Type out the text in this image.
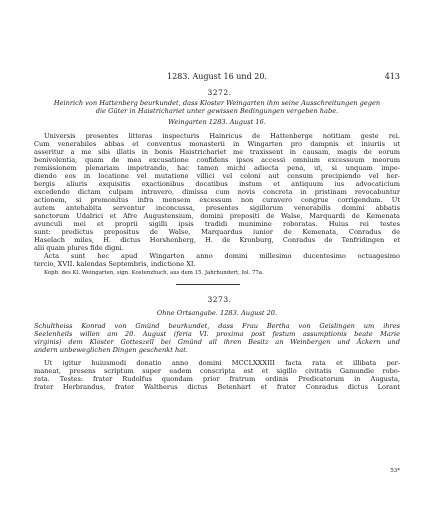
1283. August 16 und 20.	413
3272.
Heinrich von Hattenberg beurkundet, dass Kloster Weingarten ihm seine Ausschreitungen gegen
die Güter in Haistrichariet unter gewissen Bedingungen vergeben habe.
Weingarten 1283. August 16.
Universis presentes litteras inspecturis Hainricus de Hattenberge notitiam geste rei.
Cum venerabiles abbas et conventus monasterii in Wingarten pro dampnis et iniuriis ut
asseritur a me sibi illatis in bonis Haistrichariet me traxissent in causam, magis de eorum
benivolentia, quam de mea excusatione confidens ipsos accessi omnium excessuum meorum
remissionem plenariam impetrando, hac tamen michi adiecta pena, ut, si unquam impe-
diendo eos in locatione vel mutatione villici vel coloni aut censum precipiendo vel her-
bergis aliuris exquisitis exactionibus docatibus instum et antiquum ius advocaticium
excedendo dictam culpam intravero, dimissa cum novis concreta in pristinam revocabuntur
actionem, si premonitus infra mensem excessum non curavero congrue corrigendum. Ut
autem antehabita serventur inconcussa, presentes sigillorum venerabilis domini abbatis
sanctorum Udalrici et Afre Augustensium, domini prepositi de Walse, Marquardi de Kemenata
avunculi mei et proprii sigilli ipsis tradidi munimine roboratas. Huius rei testes
sunt: predictus prepositus de Walse, Marquardus iunior de Kemenata, Conradus de
Haselach miles, H. dictus Horshenberg, H. de Kronburg, Conradus de Tenfridingen et
alii quam plures fide digni.
Acta sunt hec apud Wingarten anno domini millesimo ducentesimo octuagesimo
tercio, XVII. kalendas Septembris, indictione XI.
Kopb. des Kl. Weingarten, sign. Kostenzbuch, aus dem 15. Jahrhundert, fol. 77a.
3273.
Ohne Ortsangabe. 1283. August 20.
Schultheiss Konrad von Gmünd beurkundet, dass Frau Bertha von Geislingen um ihres
Seelenheils willen am 20. August (feria VI. proxima post festum assumptionis beate Marie
virginis) dem Kloster Gotteszell bei Gmünd all ihren Besitz an Weinbergen und Äckern und
andern unbeweglichen Dingen geschenkt hat.
Ut igitur huiusmodi donatio anno domini MCCLXXXIII facta rata et illibata per-
maneat, presens scriptum super eadem conscripta est et sigillo civitatis Gamundie robo-
rata. Testes: frater Rudolfus quondam prior fratrum ordinis Predicatorum in Augusta,
frater Herbrandus, frater Waltherus dictus Betenhart et frater Conradus dictus Lorant
53*
